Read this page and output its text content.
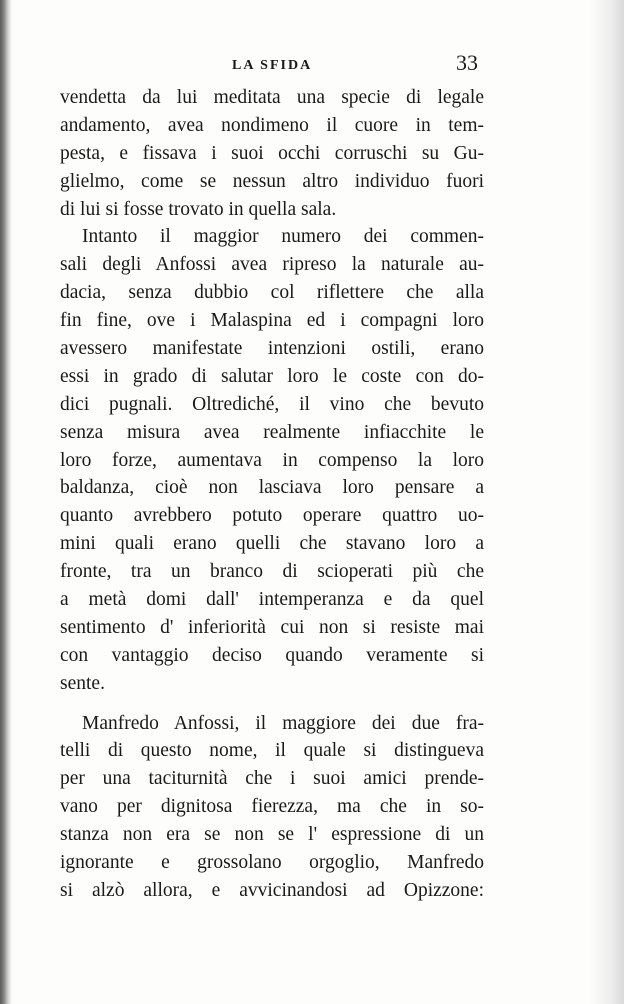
LA SFIDA	33
vendetta da lui meditata una specie di legale
andamento, avea nondimeno il cuore in tem-
pesta, e fissava i suoi occhi corruschi su Gu-
glielmo, come se nessun altro individuo fuori
di lui si fosse trovato in quella sala.
Intanto il maggior numero dei commen-
sali degli Anfossi avea ripreso la naturale au-
dacia, senza dubbio col riflettere che alla
fin fine, ove i Malaspina ed i compagni loro
avessero manifestate intenzioni ostili, erano
essi in grado di salutar loro le coste con do-
dici pugnali. Oltrediché, il vino che bevuto
senza misura avea realmente infiacchite le
loro forze, aumentava in compenso la loro
baldanza, cioè non lasciava loro pensare a
quanto avrebbero potuto operare quattro uo-
mini quali erano quelli che stavano loro a
fronte, tra un branco di scioperati più che
a metà domi dall' intemperanza e da quel
sentimento d' inferiorità cui non si resiste mai
con vantaggio deciso quando veramente si
sente.
Manfredo Anfossi, il maggiore dei due fra-
telli di questo nome, il quale si distingueva
per una taciturnità che i suoi amici prende-
vano per dignitosa fierezza, ma che in so-
stanza non era se non se l' espressione di un
ignorante e grossolano orgoglio, Manfredo
si alzò allora, e avvicinandosi ad Opizzone:
